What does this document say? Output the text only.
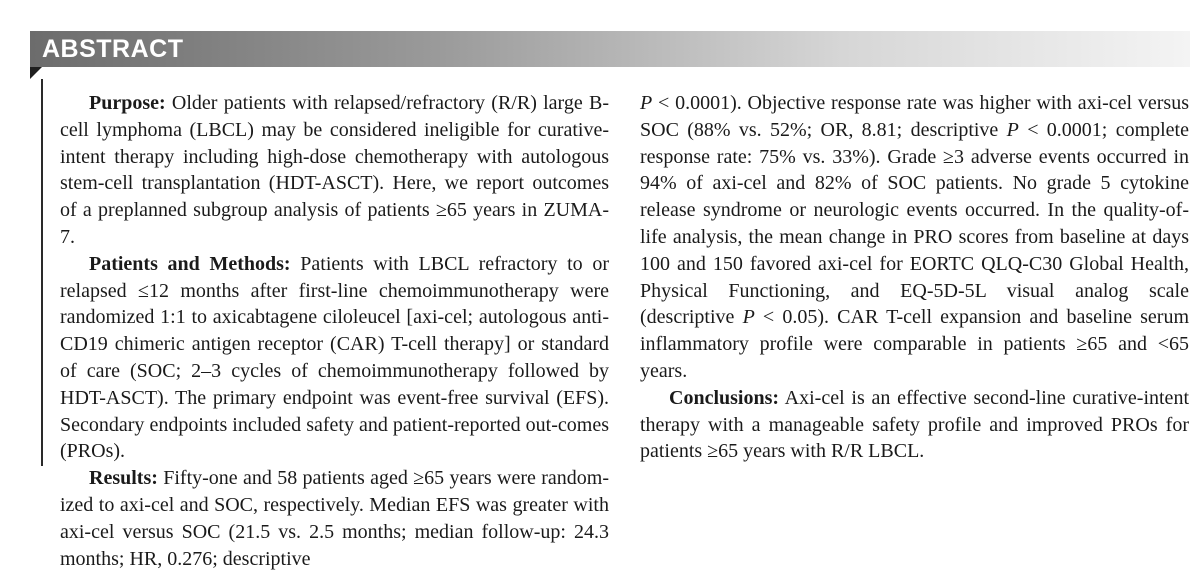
ABSTRACT

Purpose: Older patients with relapsed/refractory (R/R) large B-cell lymphoma (LBCL) may be considered ineligible for curative-intent therapy including high-dose chemotherapy with autologous stem-cell transplantation (HDT-ASCT). Here, we report outcomes of a preplanned subgroup analysis of patients ≥65 years in ZUMA-7.

Patients and Methods: Patients with LBCL refractory to or relapsed ≤12 months after first-line chemoimmunotherapy were randomized 1:1 to axicabtagene ciloleucel [axi-cel; autologous anti-CD19 chimeric antigen receptor (CAR) T-cell therapy] or standard of care (SOC; 2–3 cycles of chemoimmunotherapy followed by HDT-ASCT). The primary endpoint was event-free survival (EFS). Secondary endpoints included safety and patient-reported out-comes (PROs).

Results: Fifty-one and 58 patients aged ≥65 years were random-ized to axi-cel and SOC, respectively. Median EFS was greater with axi-cel versus SOC (21.5 vs. 2.5 months; median follow-up: 24.3 months; HR, 0.276; descriptive

P < 0.0001). Objective response rate was higher with axi-cel versus SOC (88% vs. 52%; OR, 8.81; descriptive P < 0.0001; complete response rate: 75% vs. 33%). Grade ≥3 adverse events occurred in 94% of axi-cel and 82% of SOC patients. No grade 5 cytokine release syndrome or neurologic events occurred. In the quality-of-life analysis, the mean change in PRO scores from baseline at days 100 and 150 favored axi-cel for EORTC QLQ-C30 Global Health, Physical Functioning, and EQ-5D-5L visual analog scale (descriptive P < 0.05). CAR T-cell expansion and baseline serum inflammatory profile were comparable in patients ≥65 and <65 years.

Conclusions: Axi-cel is an effective second-line curative-intent therapy with a manageable safety profile and improved PROs for patients ≥65 years with R/R LBCL.
